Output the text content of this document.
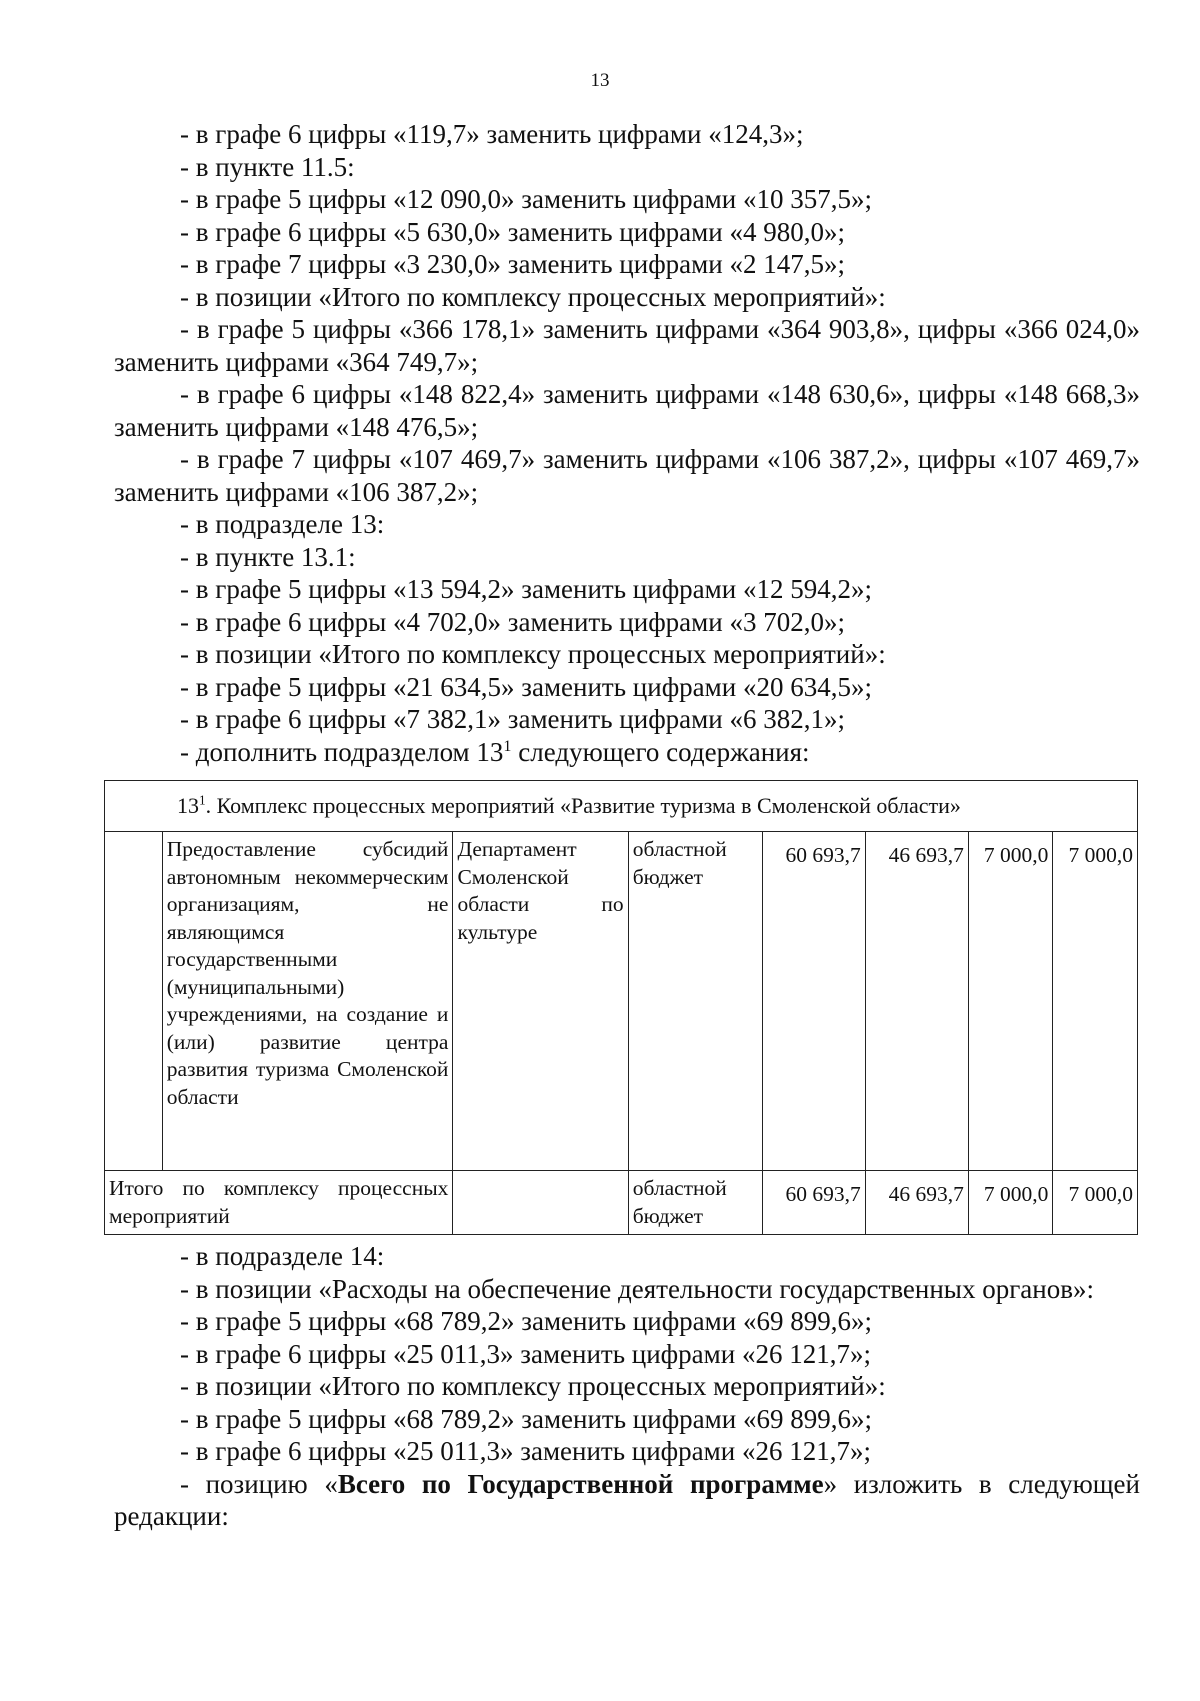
13
- в графе 6 цифры «119,7» заменить цифрами «124,3»;
- в пункте 11.5:
- в графе 5 цифры «12 090,0» заменить цифрами «10 357,5»;
- в графе 6 цифры «5 630,0» заменить цифрами «4 980,0»;
- в графе 7 цифры «3 230,0» заменить цифрами «2 147,5»;
- в позиции «Итого по комплексу процессных мероприятий»:
- в графе 5 цифры «366 178,1» заменить цифрами «364 903,8», цифры «366 024,0» заменить цифрами «364 749,7»;
- в графе 6 цифры «148 822,4» заменить цифрами «148 630,6», цифры «148 668,3» заменить цифрами «148 476,5»;
- в графе 7 цифры «107 469,7» заменить цифрами «106 387,2», цифры «107 469,7» заменить цифрами «106 387,2»;
- в подразделе 13:
- в пункте 13.1:
- в графе 5 цифры «13 594,2» заменить цифрами «12 594,2»;
- в графе 6 цифры «4 702,0» заменить цифрами «3 702,0»;
- в позиции «Итого по комплексу процессных мероприятий»:
- в графе 5 цифры «21 634,5» заменить цифрами «20 634,5»;
- в графе 6 цифры «7 382,1» заменить цифрами «6 382,1»;
- дополнить подразделом $13^1$ следующего содержания:
$13^1$. Комплекс процессных мероприятий «Развитие туризма в Смоленской области»							
	Предоставление субсидий автономным некоммерческим организациям, не являющимся государственными (муниципальными) учреждениями, на создание и (или) развитие центра развития туризма Смоленской области	Департамент Смоленской области по культуре	областной бюджет	60 693,7	46 693,7	7 000,0	7 000,0
Итого по комплексу процессных мероприятий			областной бюджет	60 693,7	46 693,7	7 000,0	7 000,0
- в подразделе 14:
- в позиции «Расходы на обеспечение деятельности государственных органов»:
- в графе 5 цифры «68 789,2» заменить цифрами «69 899,6»;
- в графе 6 цифры «25 011,3» заменить цифрами «26 121,7»;
- в позиции «Итого по комплексу процессных мероприятий»:
- в графе 5 цифры «68 789,2» заменить цифрами «69 899,6»;
- в графе 6 цифры «25 011,3» заменить цифрами «26 121,7»;
- позицию «Всего по Государственной программе» изложить в следующей редакции:
